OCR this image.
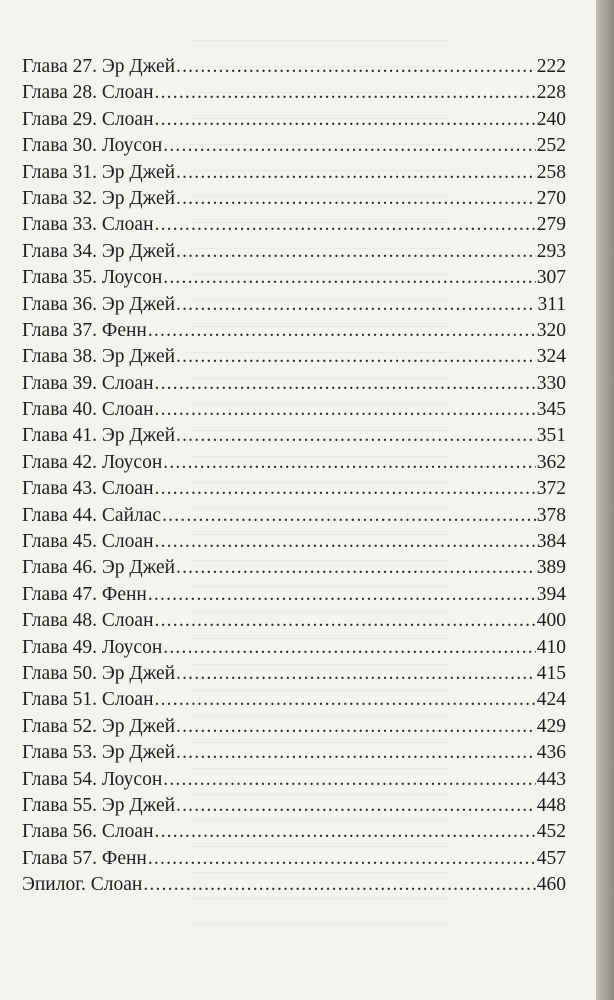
Глава 27. Эр Джей .....	222
Глава 28. Слоан .....	228
Глава 29. Слоан .....	240
Глава 30. Лоусон .....	252
Глава 31. Эр Джей .....	258
Глава 32. Эр Джей .....	270
Глава 33. Слоан .....	279
Глава 34. Эр Джей .....	293
Глава 35. Лоусон .....	307
Глава 36. Эр Джей .....	311
Глава 37. Фенн .....	320
Глава 38. Эр Джей .....	324
Глава 39. Слоан .....	330
Глава 40. Слоан .....	345
Глава 41. Эр Джей .....	351
Глава 42. Лоусон .....	362
Глава 43. Слоан .....	372
Глава 44. Сайлас .....	378
Глава 45. Слоан .....	384
Глава 46. Эр Джей .....	389
Глава 47. Фенн .....	394
Глава 48. Слоан .....	400
Глава 49. Лоусон .....	410
Глава 50. Эр Джей .....	415
Глава 51. Слоан .....	424
Глава 52. Эр Джей .....	429
Глава 53. Эр Джей .....	436
Глава 54. Лоусон .....	443
Глава 55. Эр Джей .....	448
Глава 56. Слоан .....	452
Глава 57. Фенн .....	457
Эпилог. Слоан .....	460
